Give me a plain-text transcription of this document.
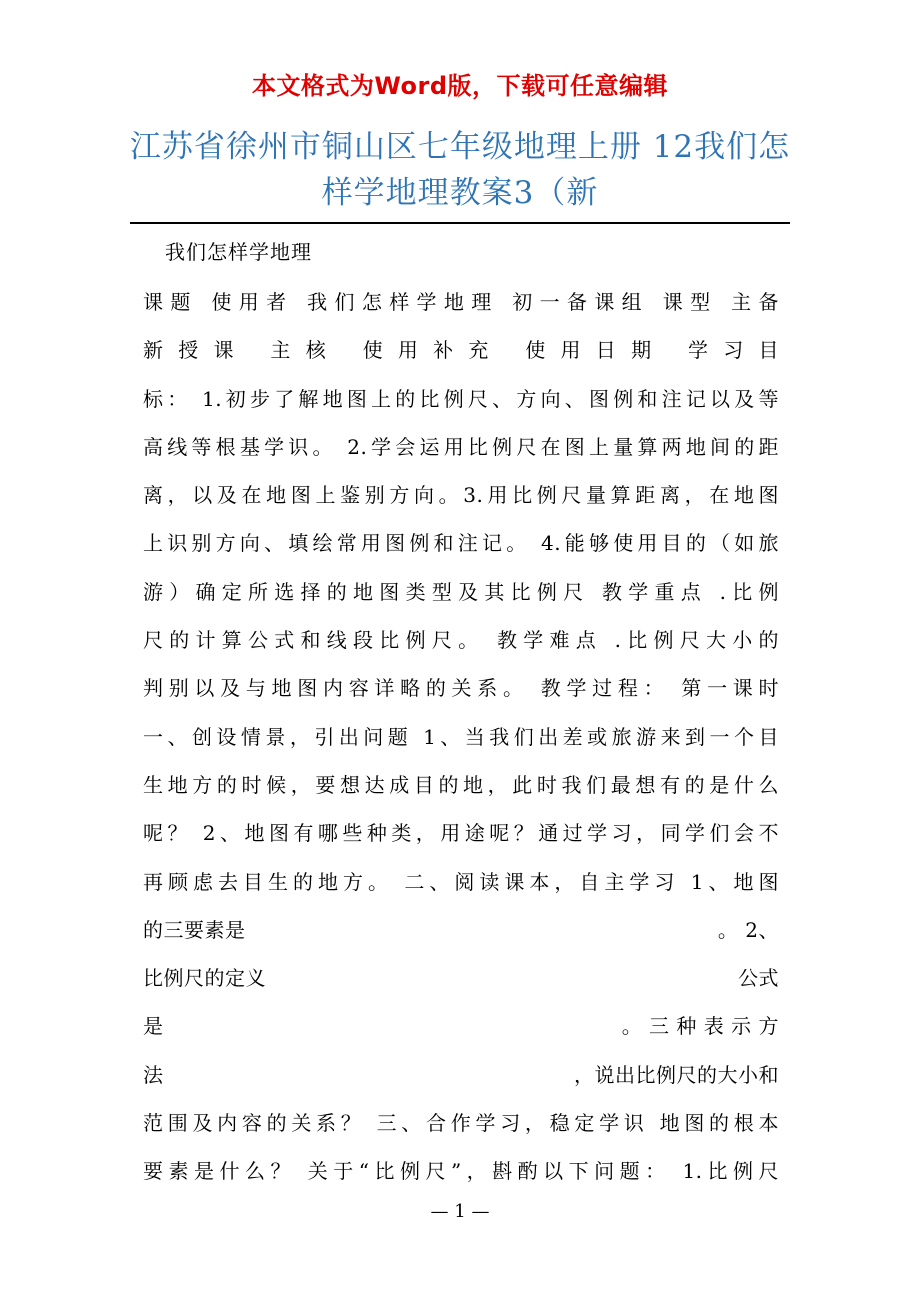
本文格式为Word版，下载可任意编辑
江苏省徐州市铜山区七年级地理上册 12我们怎样学地理教案3（新
我们怎样学地理
课题 使用者 我们怎样学地理 初一备课组 课型 主备
新授课 主核 使用补充 使用日期 学习目
标： 1.初步了解地图上的比例尺、方向、图例和注记以及等
高线等根基学识。 2.学会运用比例尺在图上量算两地间的距
离，以及在地图上鉴别方向。3.用比例尺量算距离，在地图
上识别方向、填绘常用图例和注记。 4.能够使用目的（如旅
游）确定所选择的地图类型及其比例尺 教学重点 .比例
尺的计算公式和线段比例尺。 教学难点 .比例尺大小的
判别以及与地图内容详略的关系。 教学过程： 第一课时
一、创设情景，引出问题 1、当我们出差或旅游来到一个目
生地方的时候，要想达成目的地，此时我们最想有的是什么
呢？ 2、地图有哪些种类，用途呢？通过学习，同学们会不
再顾虑去目生的地方。 二、阅读课本，自主学习 1、地图
的三要素是	。 2、
比例尺的定义	公式
是	。 三 种 表 示 方
法	，说出比例尺的大小和
范围及内容的关系？ 三、合作学习，稳定学识 地图的根本
要素是什么？ 关于“比例尺”，斟酌以下问题： 1.比例尺
— 1 —
